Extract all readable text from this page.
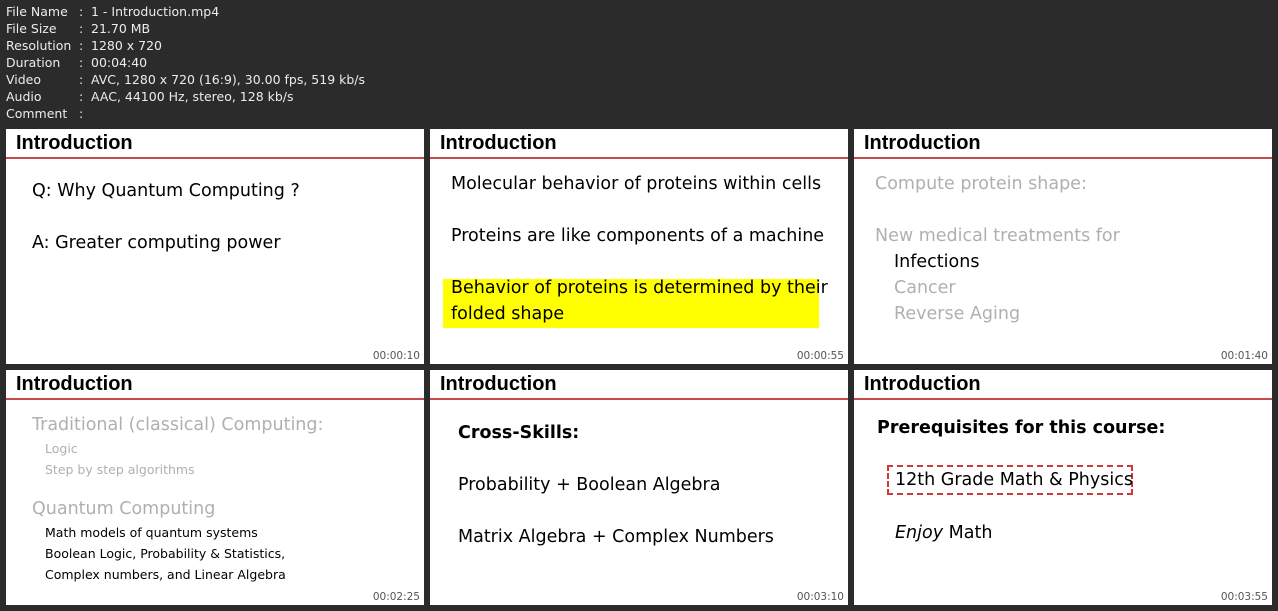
File Name : 1 - Introduction.mp4
File Size	: 21.70 MB
Resolution : 1280 x 720
Duration	: 00:04:40
Video	: AVC, 1280 x 720 (16:9), 30.00 fps, 519 kb/s
Audio	: AAC, 44100 Hz, stereo, 128 kb/s
Comment :
Introduction
Q: Why Quantum Computing ?
A: Greater computing power
00:00:10
Introduction
Molecular behavior of proteins within cells
Proteins are like components of a machine
Behavior of proteins is determined by their
folded shape
00:00:55
Introduction
Compute protein shape:
New medical treatments for
Infections
Cancer
Reverse Aging
00:01:40
Introduction
Traditional (classical) Computing:
Logic
Step by step algorithms
Quantum Computing
Math models of quantum systems
Boolean Logic, Probability & Statistics,
Complex numbers, and Linear Algebra
00:02:25
Introduction
Cross-Skills:
Probability + Boolean Algebra
Matrix Algebra + Complex Numbers
00:03:10
Introduction
Prerequisites for this course:
12th Grade Math & Physics
Enjoy Math
00:03:55
